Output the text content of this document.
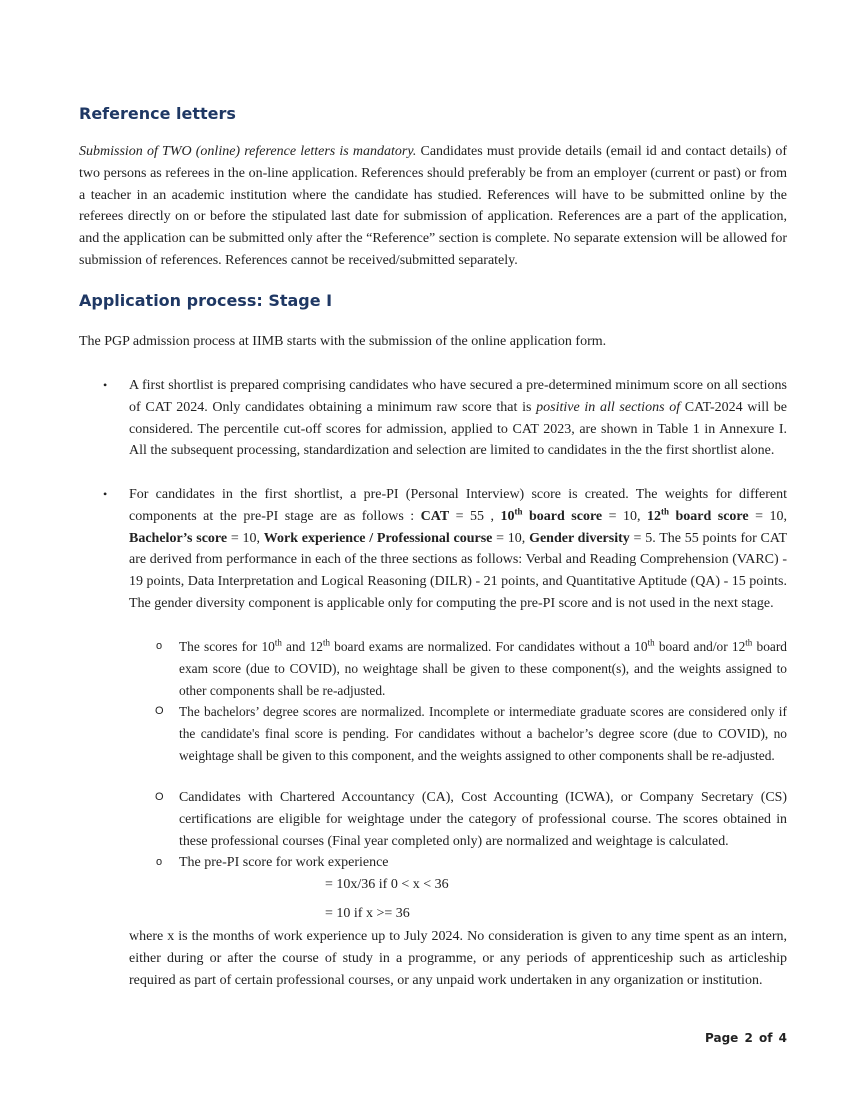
Reference letters

Submission of TWO (online) reference letters is mandatory. Candidates must provide details (email id and contact details) of two persons as referees in the on-line application. References should preferably be from an employer (current or past) or from a teacher in an academic institution where the candidate has studied. References will have to be submitted online by the referees directly on or before the stipulated last date for submission of application. References are a part of the application, and the application can be submitted only after the “Reference” section is complete. No separate extension will be allowed for submission of references. References cannot be received/submitted separately.

Application process: Stage I

The PGP admission process at IIMB starts with the submission of the online application form.

• A first shortlist is prepared comprising candidates who have secured a pre-determined minimum score on all sections of CAT 2024. Only candidates obtaining a minimum raw score that is positive in all sections of CAT-2024 will be considered. The percentile cut-off scores for admission, applied to CAT 2023, are shown in Table 1 in Annexure I. All the subsequent processing, standardization and selection are limited to candidates in the the first shortlist alone.

• For candidates in the first shortlist, a pre-PI (Personal Interview) score is created. The weights for different components at the pre-PI stage are as follows : CAT = 55 , 10th board score = 10, 12th board score = 10, Bachelor’s score = 10, Work experience / Professional course = 10, Gender diversity = 5. The 55 points for CAT are derived from performance in each of the three sections as follows: Verbal and Reading Comprehension (VARC) - 19 points, Data Interpretation and Logical Reasoning (DILR) - 21 points, and Quantitative Aptitude (QA) - 15 points. The gender diversity component is applicable only for computing the pre-PI score and is not used in the next stage.

o The scores for 10th and 12th board exams are normalized. For candidates without a 10th board and/or 12th board exam score (due to COVID), no weightage shall be given to these component(s), and the weights assigned to other components shall be re-adjusted.

O The bachelors’ degree scores are normalized. Incomplete or intermediate graduate scores are considered only if the candidate's final score is pending. For candidates without a bachelor’s degree score (due to COVID), no weightage shall be given to this component, and the weights assigned to other components shall be re-adjusted.

O Candidates with Chartered Accountancy (CA), Cost Accounting (ICWA), or Company Secretary (CS) certifications are eligible for weightage under the category of professional course. The scores obtained in these professional courses (Final year completed only) are normalized and weightage is calculated.

o The pre-PI score for work experience

= 10x/36 if 0 < x < 36
= 10 if x >= 36

where x is the months of work experience up to July 2024. No consideration is given to any time spent as an intern, either during or after the course of study in a programme, or any periods of apprenticeship such as articleship required as part of certain professional courses, or any unpaid work undertaken in any organization or institution.

Page 2 of 4
